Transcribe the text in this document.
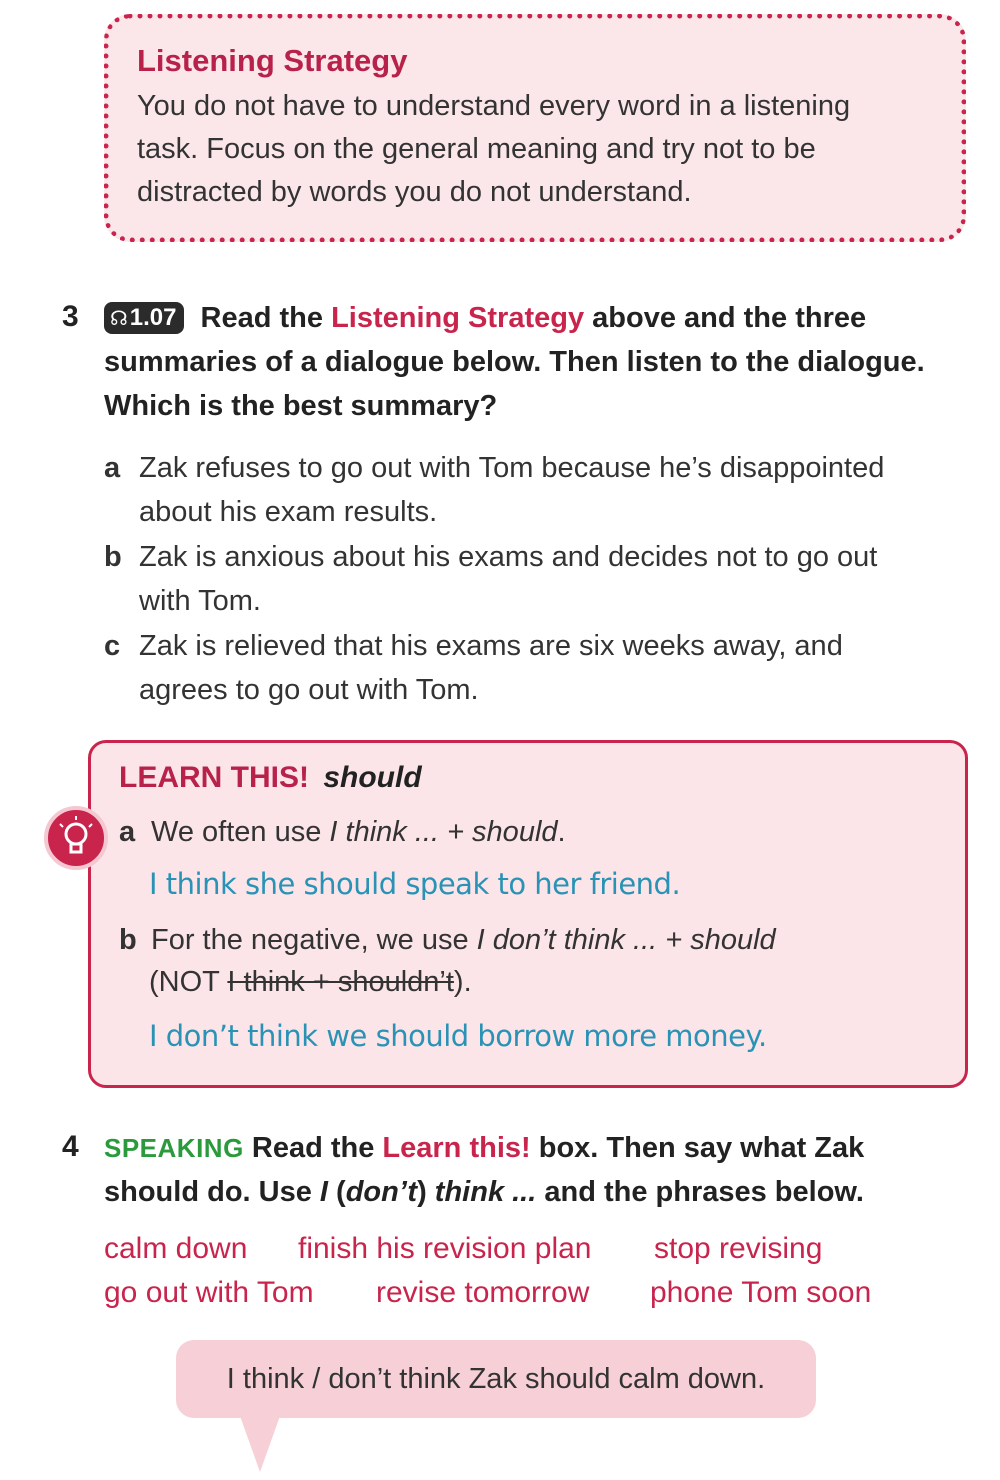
Listening Strategy

You do not have to understand every word in a listening

task. Focus on the general meaning and try not to be

distracted by words you do not understand.

3	☊1.07 Read the Listening Strategy above and the three
summaries of a dialogue below. Then listen to the dialogue.
Which is the best summary?
a Zak refuses to go out with Tom because he’s disappointed
about his exam results.
b Zak is anxious about his exams and decides not to go out
with Tom.
c Zak is relieved that his exams are six weeks away, and
agrees to go out with Tom.
LEARN THIS! should
a We often use I think ... + should.
I think she should speak to her friend.
b For the negative, we use I don’t think ... + should
(NOT I think + shouldn’t).
I don’t think we should borrow more money.
4 SPEAKING Read the Learn this! box. Then say what Zak
should do. Use I (don’t) think ... and the phrases below.
calm down finish his revision plan stop revising
go out with Tom revise tomorrow phone Tom soon
I think / don’t think Zak should calm down.
